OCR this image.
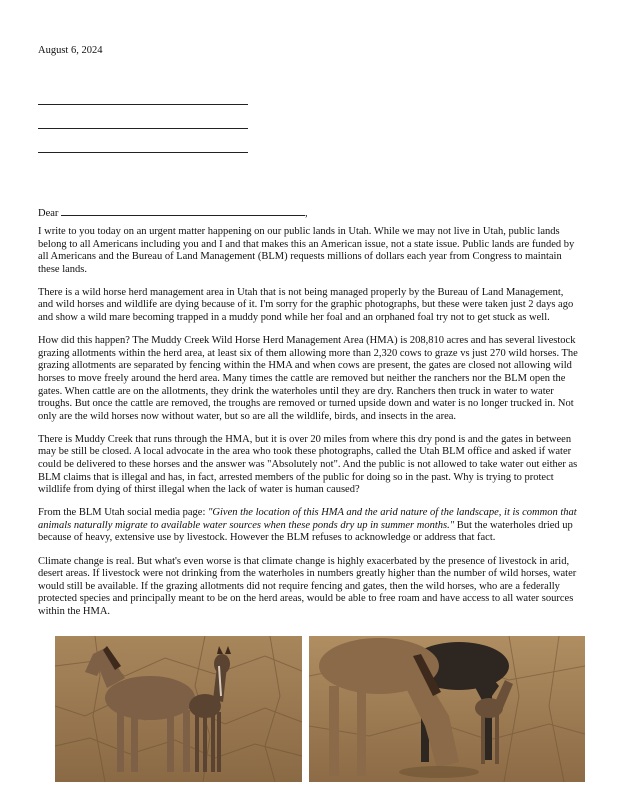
August 6, 2024
Dear	,

I write to you today on an urgent matter happening on our public lands in Utah. While we may not live in Utah, public lands belong to all Americans including you and I and that makes this an American issue, not a state issue. Public lands are funded by all Americans and the Bureau of Land Management (BLM) requests millions of dollars each year from Congress to maintain these lands.

There is a wild horse herd management area in Utah that is not being managed properly by the Bureau of Land Management, and wild horses and wildlife are dying because of it. I'm sorry for the graphic photographs, but these were taken just 2 days ago and show a wild mare becoming trapped in a muddy pond while her foal and an orphaned foal try not to get stuck as well.

How did this happen? The Muddy Creek Wild Horse Herd Management Area (HMA) is 208,810 acres and has several livestock grazing allotments within the herd area, at least six of them allowing more than 2,320 cows to graze vs just 270 wild horses. The grazing allotments are separated by fencing within the HMA and when cows are present, the gates are closed not allowing wild horses to move freely around the herd area. Many times the cattle are removed but neither the ranchers nor the BLM open the gates. When cattle are on the allotments, they drink the waterholes until they are dry. Ranchers then truck in water to water troughs. But once the cattle are removed, the troughs are removed or turned upside down and water is no longer trucked in. Not only are the wild horses now without water, but so are all the wildlife, birds, and insects in the area.

There is Muddy Creek that runs through the HMA, but it is over 20 miles from where this dry pond is and the gates in between may be still be closed. A local advocate in the area who took these photographs, called the Utah BLM office and asked if water could be delivered to these horses and the answer was "Absolutely not". And the public is not allowed to take water out either as BLM claims that is illegal and has, in fact, arrested members of the public for doing so in the past. Why is trying to protect wildlife from dying of thirst illegal when the lack of water is human caused?

From the BLM Utah social media page: "Given the location of this HMA and the arid nature of the landscape, it is common that animals naturally migrate to available water sources when these ponds dry up in summer months." But the waterholes dried up because of heavy, extensive use by livestock. However the BLM refuses to acknowledge or address that fact.

Climate change is real. But what's even worse is that climate change is highly exacerbated by the presence of livestock in arid, desert areas. If livestock were not drinking from the waterholes in numbers greatly higher than the number of wild horses, water would still be available. If the grazing allotments did not require fencing and gates, then the wild horses, who are a federally protected species and principally meant to be on the herd areas, would be able to free roam and have access to all water sources within the HMA.
